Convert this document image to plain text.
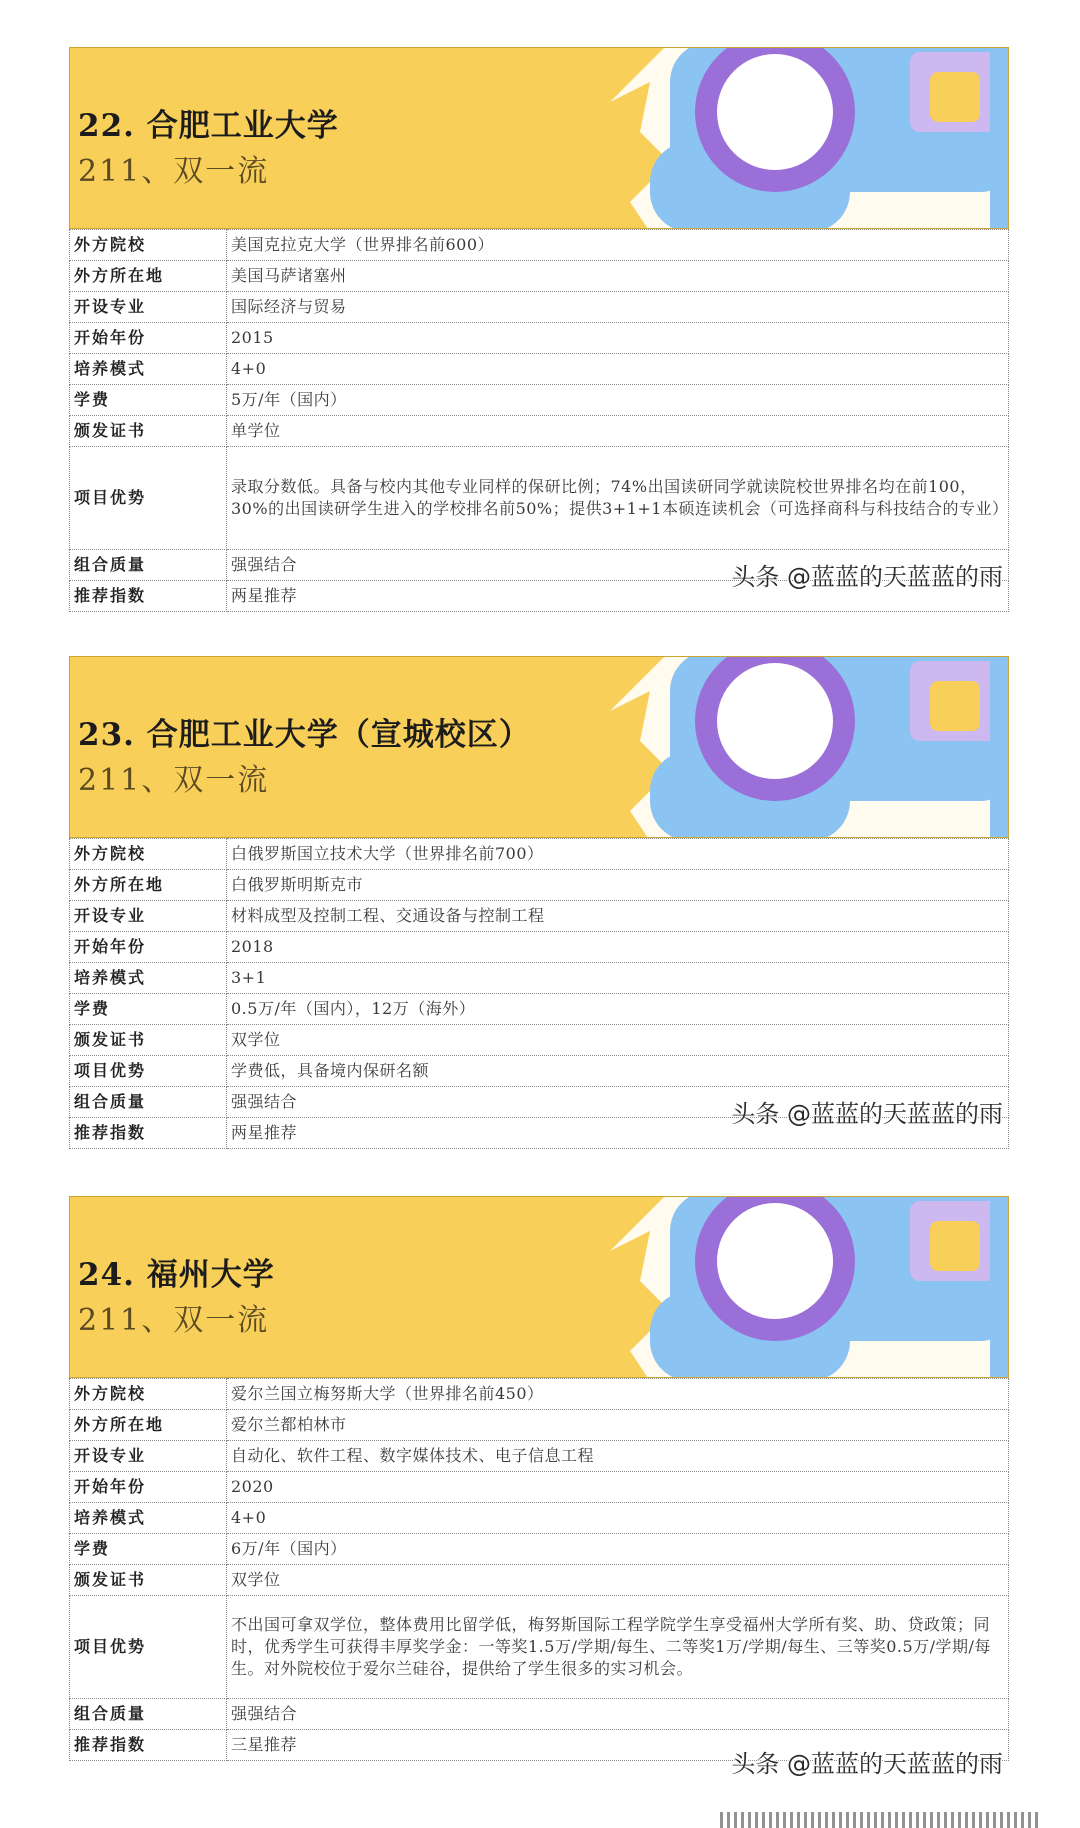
22. 合肥工业大学
211、双一流
外方院校	美国克拉克大学（世界排名前600）
外方所在地	美国马萨诸塞州
开设专业	国际经济与贸易
开始年份	2015
培养模式	4+0
学费	5万/年（国内）
颁发证书	单学位
项目优势	录取分数低。具备与校内其他专业同样的保研比例；74%出国读研同学就读院校世界排名均在前100，30%的出国读研学生进入的学校排名前50%；提供3+1+1本硕连读机会（可选择商科与科技结合的专业）
组合质量	强强结合
推荐指数	两星推荐
头条 @蓝蓝的天蓝蓝的雨
23. 合肥工业大学（宣城校区）
211、双一流
外方院校	白俄罗斯国立技术大学（世界排名前700）
外方所在地	白俄罗斯明斯克市
开设专业	材料成型及控制工程、交通设备与控制工程
开始年份	2018
培养模式	3+1
学费	0.5万/年（国内），12万（海外）
颁发证书	双学位
项目优势	学费低，具备境内保研名额
组合质量	强强结合
推荐指数	两星推荐
头条 @蓝蓝的天蓝蓝的雨
24. 福州大学
211、双一流
外方院校	爱尔兰国立梅努斯大学（世界排名前450）
外方所在地	爱尔兰都柏林市
开设专业	自动化、软件工程、数字媒体技术、电子信息工程
开始年份	2020
培养模式	4+0
学费	6万/年（国内）
颁发证书	双学位
项目优势	不出国可拿双学位，整体费用比留学低，梅努斯国际工程学院学生享受福州大学所有奖、助、贷政策；同时，优秀学生可获得丰厚奖学金：一等奖1.5万/学期/每生、二等奖1万/学期/每生、三等奖0.5万/学期/每生。对外院校位于爱尔兰硅谷，提供给了学生很多的实习机会。
组合质量	强强结合
推荐指数	三星推荐
头条 @蓝蓝的天蓝蓝的雨
